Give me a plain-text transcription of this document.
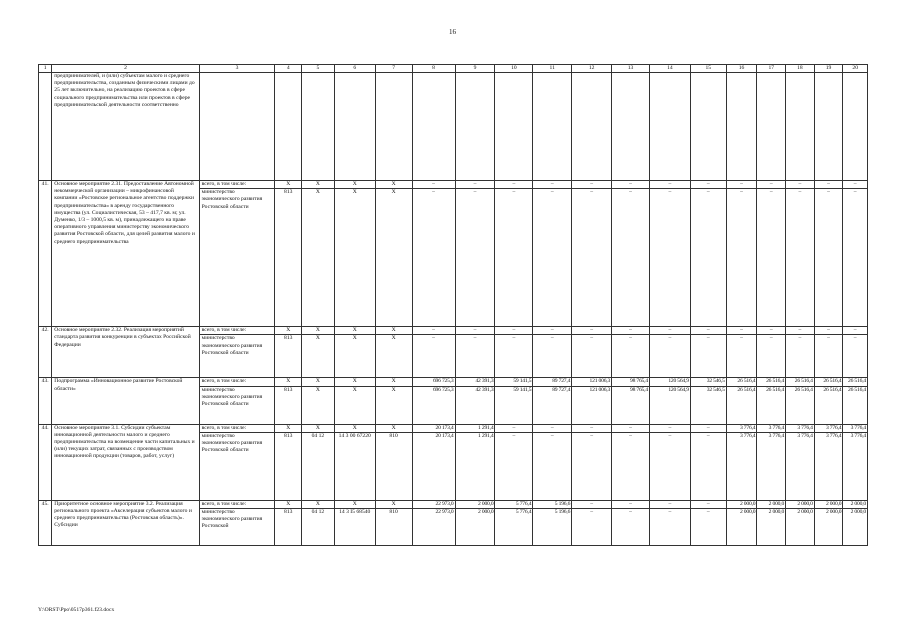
16
1	2	3	4	5	6	7	8	9	10	11	12	13	14	15	16	17	18	19	20
	предпринимателей, и (или) субъектам малого и среднего предпринимательства, созданным физическими лицами до 25 лет включительно, на реализацию проектов в сфере социального предпринимательства или проектов в сфере предпринимательской деятельности соответственно																		
41.	Основное мероприятие 2.31. Предоставление Автономной некоммерческой организации – микрофинансовой компании «Ростовское региональное агентство поддержки предпринимательства» в аренду государственного имущества (ул. Социалистическая, 53 – 417,7 кв. м; ул. Думенко, 1/3 – 1000,5 кв. м), принадлежащего на праве оперативного управления министерству экономического развития Ростовской области, для целей развития малого и среднего предпринимательства	всего, в том числе:	Х	Х	Х	Х	–	–	–	–	–	–	–	–	–	–	–	–	–
		министерство экономического развития Ростовской области	813	Х	Х	Х	–	–	–	–	–	–	–	–	–	–	–	–	–
42.	Основное мероприятие 2.32. Реализация мероприятий стандарта развития конкуренции в субъектах Российской Федерации	всего, в том числе:	Х	Х	Х	Х	–	–	–	–	–	–	–	–	–	–	–	–	–
		министерство экономического развития Ростовской области	813	Х	Х	Х	–	–	–	–	–	–	–	–	–	–	–	–	–
43.	Подпрограмма «Инновационное развитие Ростовской области»	всего, в том числе:	Х	Х	Х	Х	696 725,3	42 391,3	59 141,5	89 727,4	121 006,3	98 765,4	120 564,9	32 546,5	26 516,4	26 516,4	26 516,4	26 516,4	26 516,4
		министерство экономического развития Ростовской области	813	Х	Х	Х	696 725,3	42 391,3	59 141,5	89 727,4	121 006,3	98 765,4	120 564,9	32 546,5	26 516,4	26 516,4	26 516,4	26 516,4	26 516,4
44.	Основное мероприятие 3.1. Субсидии субъектам инновационной деятельности малого и среднего предпринимательства на возмещение части капитальных и (или) текущих затрат, связанных с производством инновационной продукции (товаров, работ, услуг)	всего, в том числе:	Х	Х	Х	Х	20 173,4	1 291,4	–	–	–	–	–	–	3 776,4	3 776,4	3 776,4	3 776,4	3 776,4
		министерство экономического развития Ростовской области	813	04 12	14 3 00 67220	810	20 173,4	1 291,4	–	–	–	–	–	–	3 776,4	3 776,4	3 776,4	3 776,4	3 776,4
45.	Приоритетное основное мероприятие 3.2. Реализация регионального проекта «Акселерация субъектов малого и среднего предпринимательства (Ростовская область)». Субсидии	всего, в том числе:	Х	Х	Х	Х	22 973,0	2 000,0	5 776,4	5 196,6	–	–	–	–	2 000,0	2 000,0	2 000,0	2 000,0	2 000,0
		министерство экономического развития Ростовской	813	04 12	14 3 I5 68540	810	22 973,0	2 000,0	5 776,4	5 196,6	–	–	–	–	2 000,0	2 000,0	2 000,0	2 000,0	2 000,0
Y:\ORST\Ppo\0517p361.f23.docx
